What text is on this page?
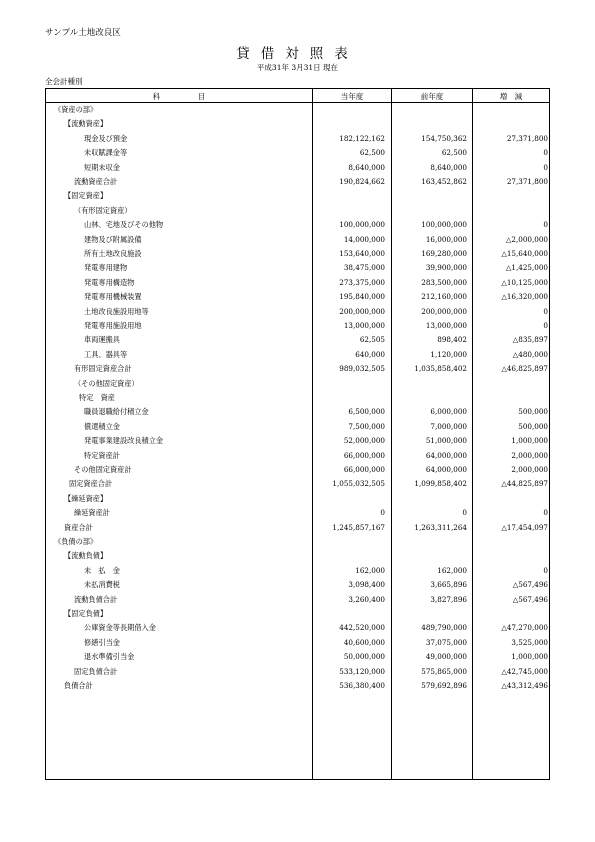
サンプル土地改良区
貸借対照表
平成31年 3月31日 現在
全会計種別
科　　　　　目	当年度	前年度	増　減
《資産の部》
【流動資産】
現金及び預金	182,122,162	154,750,362	27,371,800
未収賦課金等	62,500	62,500	0
短期未収金	8,640,000	8,640,000	0
流動資産合計	190,824,662	163,452,862	27,371,800
【固定資産】
（有形固定資産）
山林、宅地及びその他物	100,000,000	100,000,000	0
建物及び附属設備	14,000,000	16,000,000	△2,000,000
所有土地改良施設	153,640,000	169,280,000	△15,640,000
発電専用建物	38,475,000	39,900,000	△1,425,000
発電専用構造物	273,375,000	283,500,000	△10,125,000
発電専用機械装置	195,840,000	212,160,000	△16,320,000
土地改良施設用地等	200,000,000	200,000,000	0
発電専用施設用地	13,000,000	13,000,000	0
車両運搬具	62,505	898,402	△835,897
工具、器具等	640,000	1,120,000	△480,000
有形固定資産合計	989,032,505	1,035,858,402	△46,825,897
（その他固定資産）
特定　資産
職員退職給付積立金	6,500,000	6,000,000	500,000
償還積立金	7,500,000	7,000,000	500,000
発電事業建設改良積立金	52,000,000	51,000,000	1,000,000
特定資産計	66,000,000	64,000,000	2,000,000
その他固定資産計	66,000,000	64,000,000	2,000,000
固定資産合計	1,055,032,505	1,099,858,402	△44,825,897
【繰延資産】
繰延資産計	0	0	0
資産合計	1,245,857,167	1,263,311,264	△17,454,097
《負債の部》
【流動負債】
未　払　金	162,000	162,000	0
未払消費税	3,098,400	3,665,896	△567,496
流動負債合計	3,260,400	3,827,896	△567,496
【固定負債】
公庫資金等長期借入金	442,520,000	489,790,000	△47,270,000
修繕引当金	40,600,000	37,075,000	3,525,000
退水準備引当金	50,000,000	49,000,000	1,000,000
固定負債合計	533,120,000	575,865,000	△42,745,000
負債合計	536,380,400	579,692,896	△43,312,496
